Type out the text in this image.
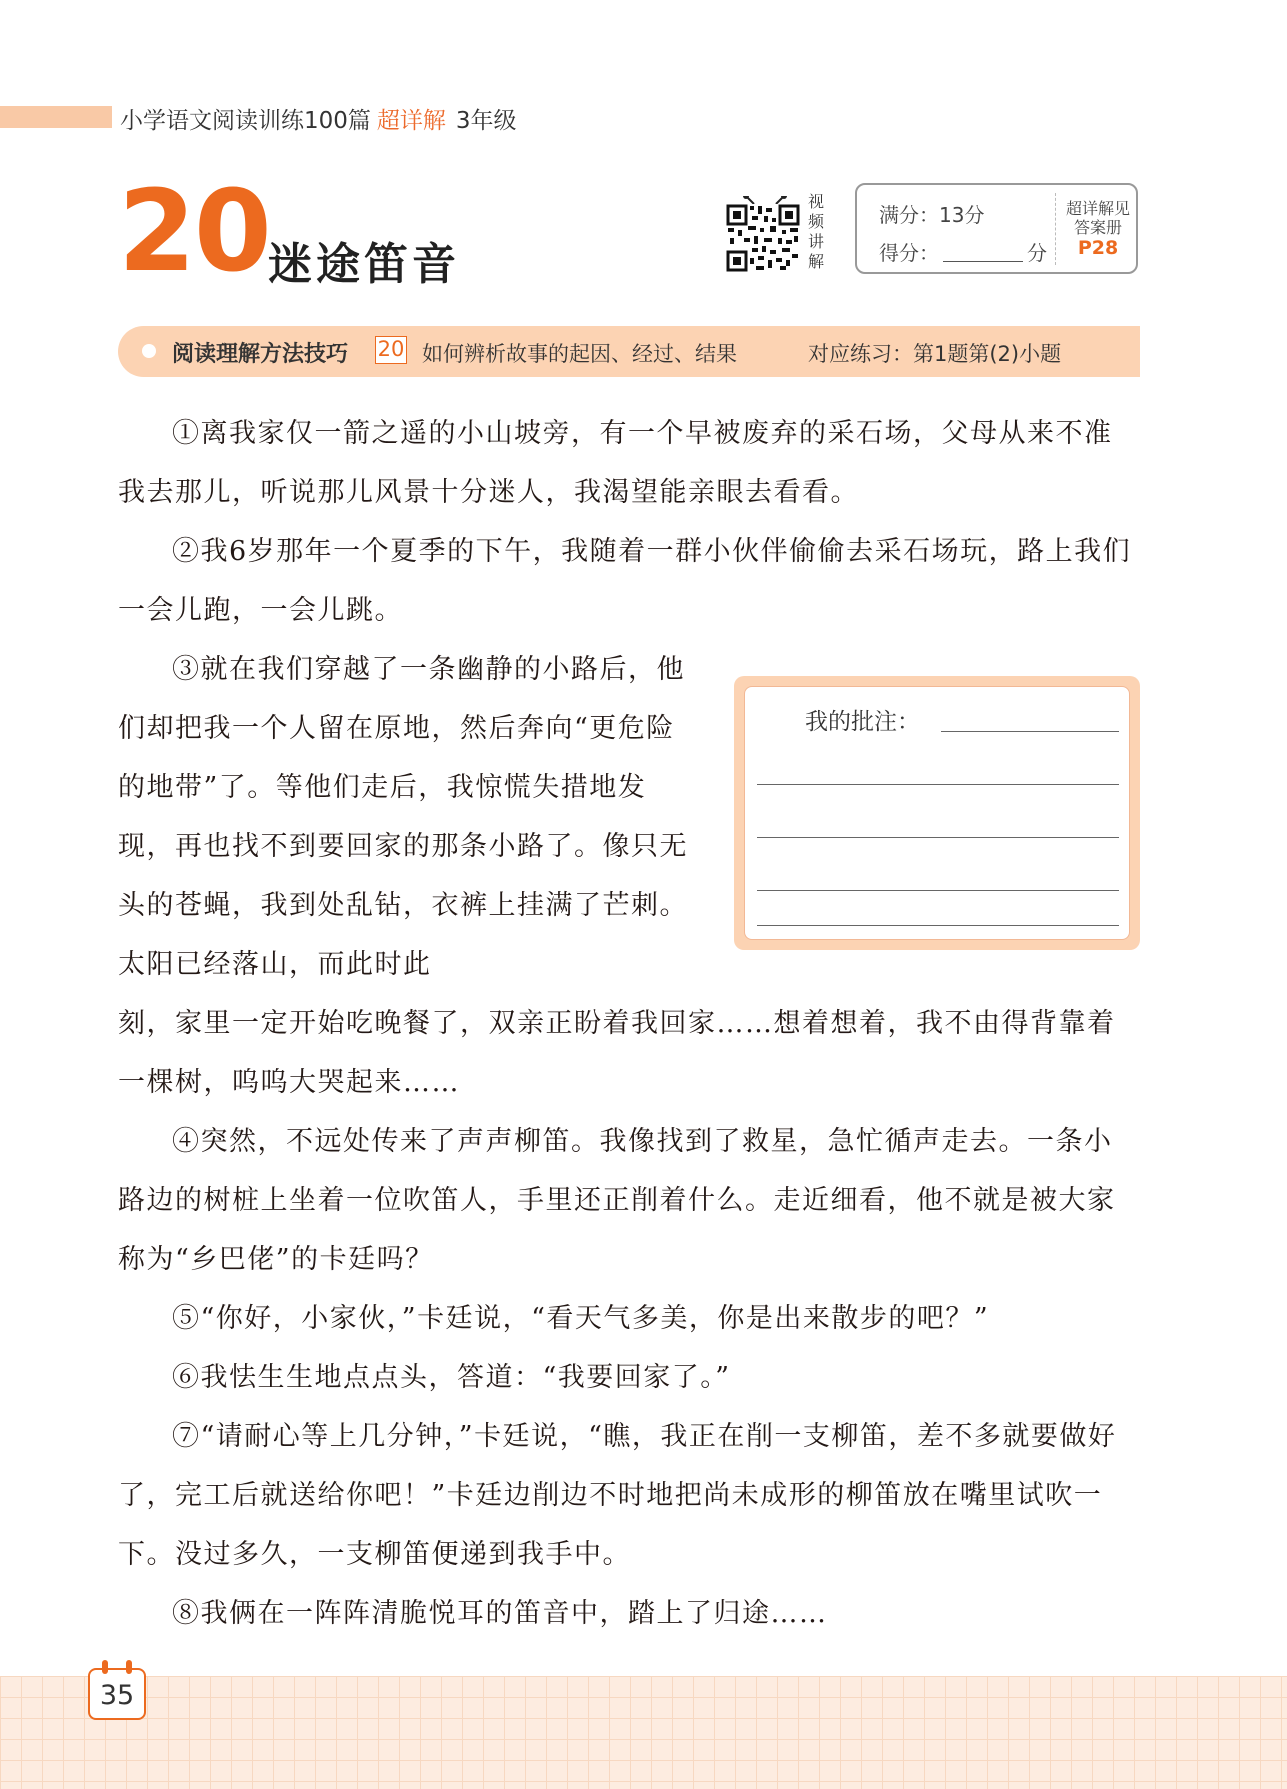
小学语文阅读训练100篇 超详解 3年级
20
迷途笛音
视频讲解
满分：13分
得分：	分
超详解见答案册
P28
阅读理解方法技巧 20 如何辨析故事的起因、经过、结果	对应练习：第1题第(2)小题

①离我家仅一箭之遥的小山坡旁，有一个早被废弃的采石场，父母从来不准我去那儿，听说那儿风景十分迷人，我渴望能亲眼去看看。

②我6岁那年一个夏季的下午，我随着一群小伙伴偷偷去采石场玩，路上我们一会儿跑，一会儿跳。

③就在我们穿越了一条幽静的小路后，他们却把我一个人留在原地，然后奔向“更危险的地带”了。等他们走后，我惊慌失措地发现，再也找不到要回家的那条小路了。像只无头的苍蝇，我到处乱钻，衣裤上挂满了芒刺。太阳已经落山，而此时此

刻，家里一定开始吃晚餐了，双亲正盼着我回家……想着想着，我不由得背靠着一棵树，呜呜大哭起来……

④突然，不远处传来了声声柳笛。我像找到了救星，急忙循声走去。一条小路边的树桩上坐着一位吹笛人，手里还正削着什么。走近细看，他不就是被大家称为“乡巴佬”的卡廷吗？

⑤“你好，小家伙，”卡廷说，“看天气多美，你是出来散步的吧？”

⑥我怯生生地点点头，答道：“我要回家了。”

⑦“请耐心等上几分钟，”卡廷说，“瞧，我正在削一支柳笛，差不多就要做好了，完工后就送给你吧！”卡廷边削边不时地把尚未成形的柳笛放在嘴里试吹一下。没过多久，一支柳笛便递到我手中。

⑧我俩在一阵阵清脆悦耳的笛音中，踏上了归途……

我的批注：
35
